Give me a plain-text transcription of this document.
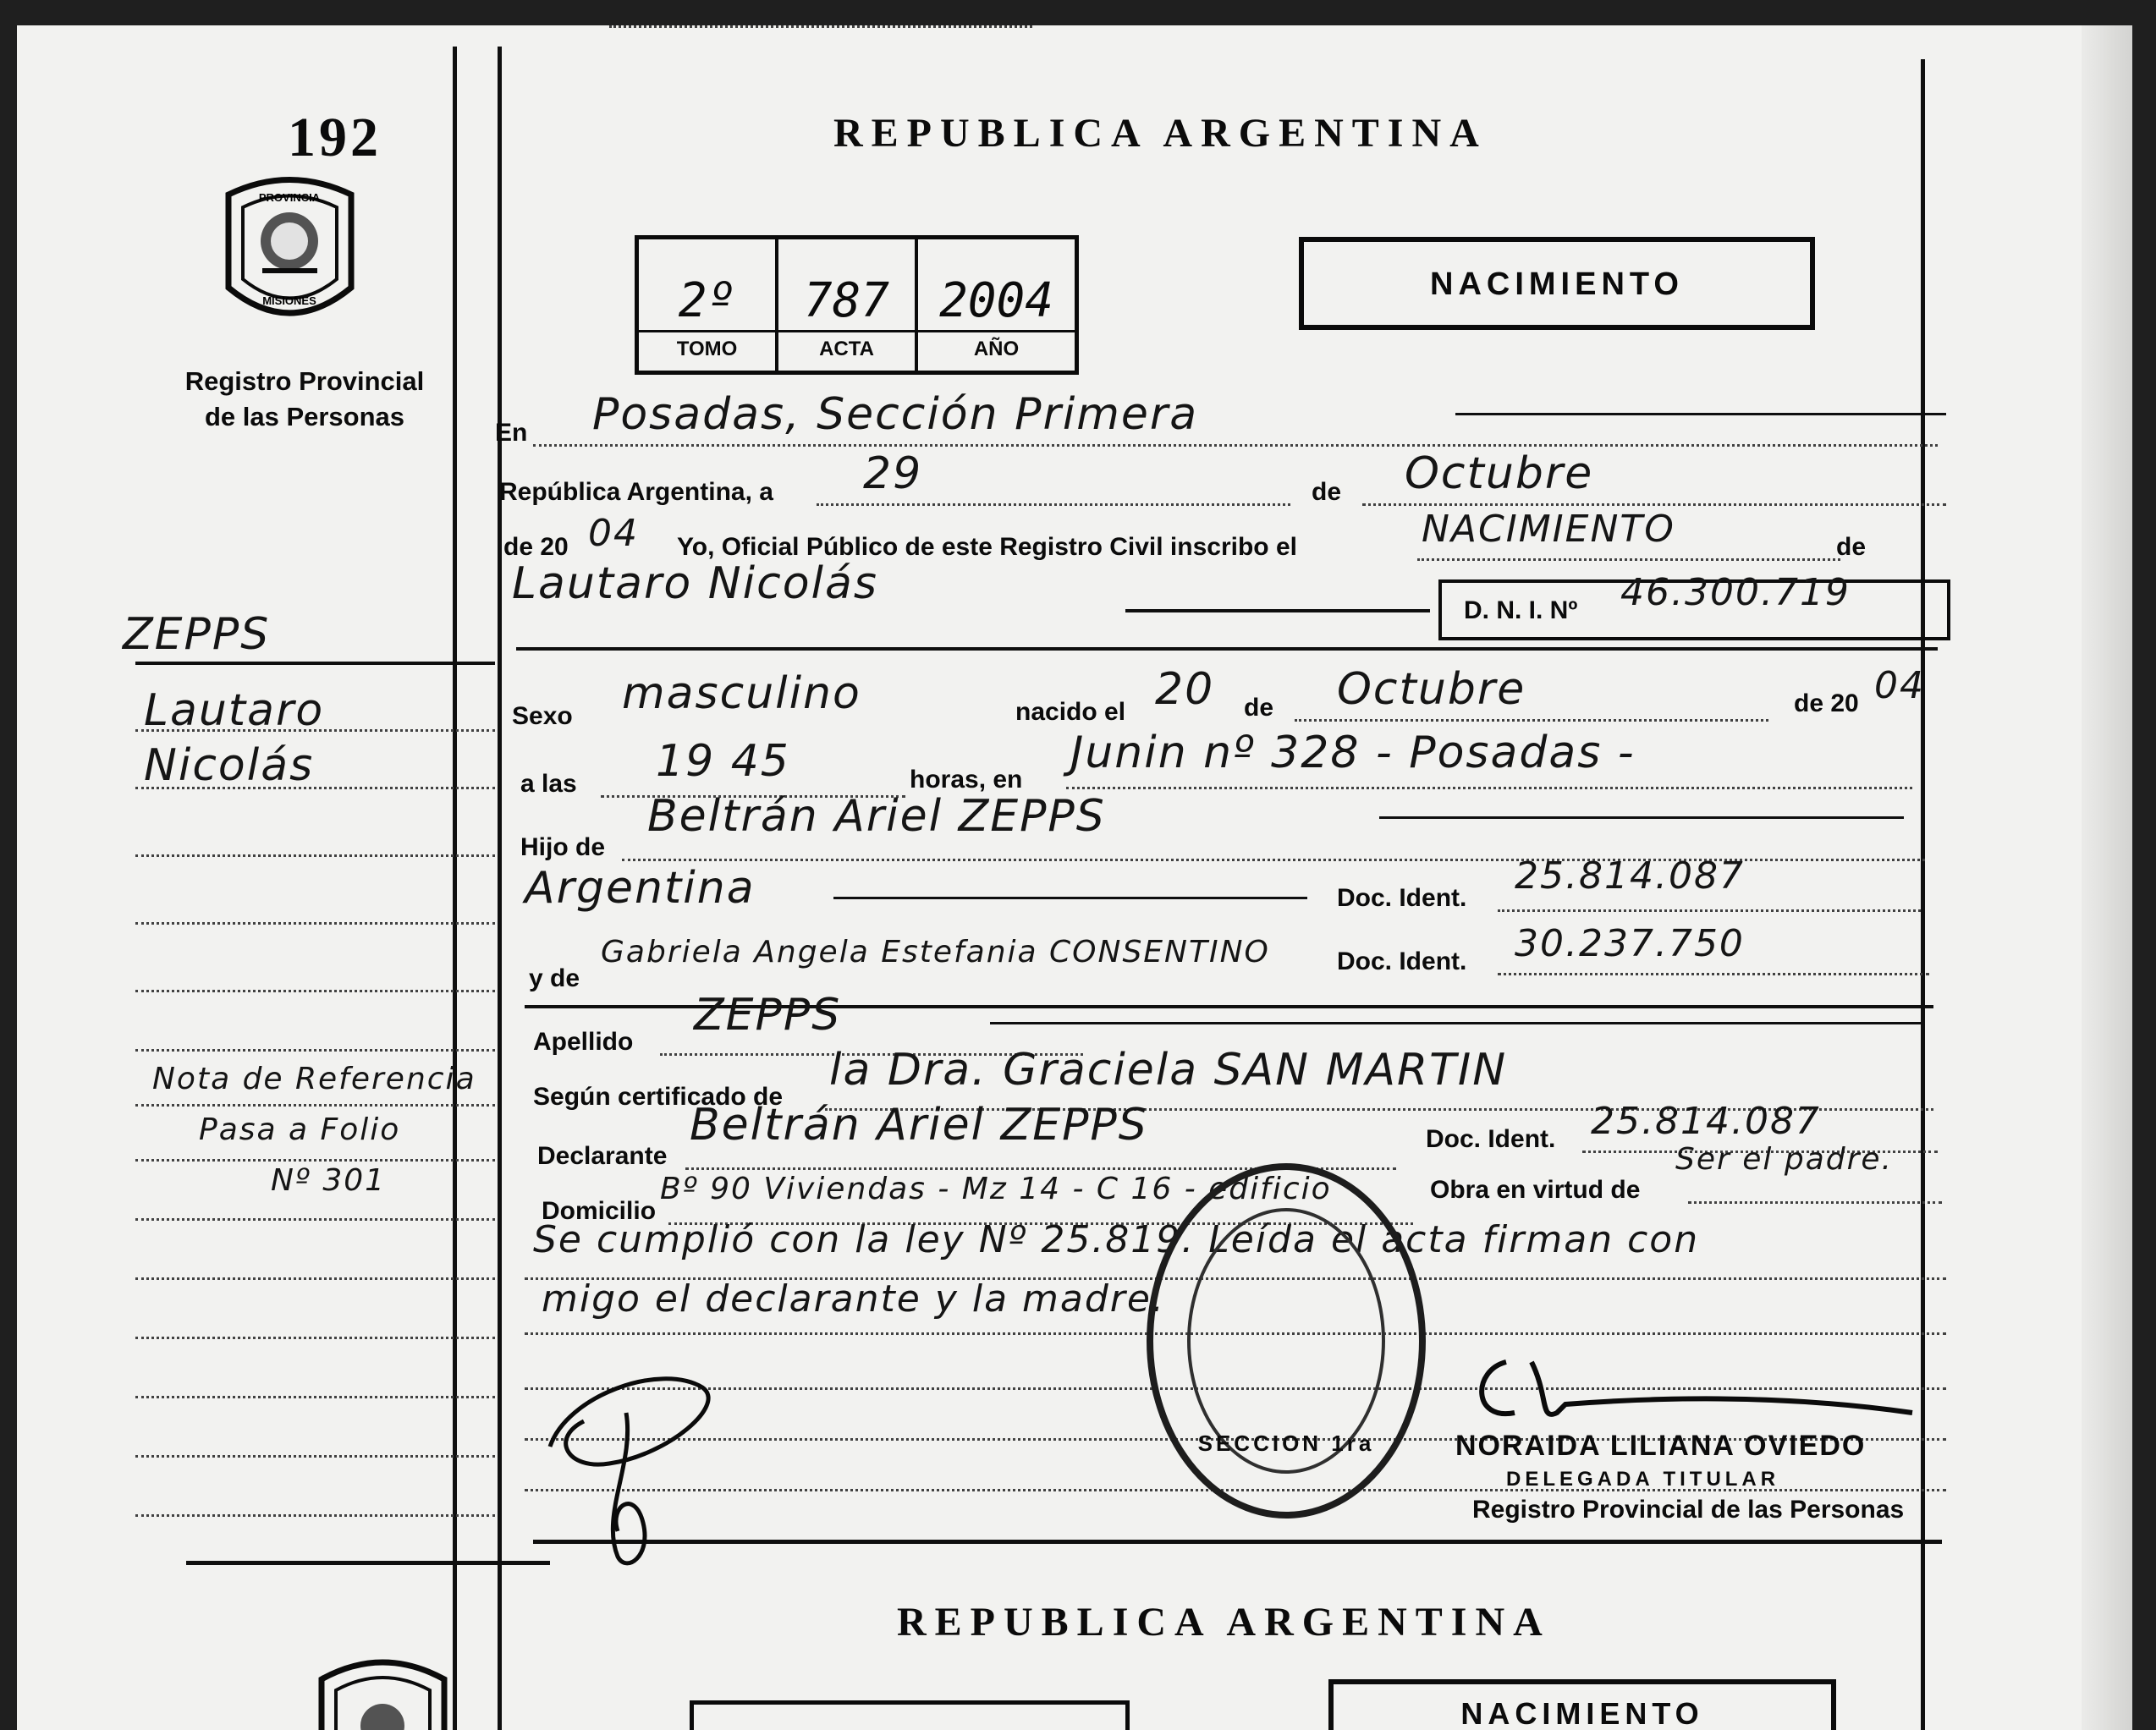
192
PROVINCIA
MISIONES
Registro Provincial
de las Personas
REPUBLICA ARGENTINA
2º
TOMO
787
ACTA
2004
AÑO
NACIMIENTO
En Posadas, Sección Primera
República Argentina, a 29	de Octubre
de 20 04 Yo, Oficial Público de este Registro Civil inscribo el	NACIMIENTO	de
Lautaro Nicolás
D. N. I. Nº 46.300.719
Sexo masculino	nacido el 20 de Octubre	de 20 04
a las 19 45	horas, en
Junin nº 328 - Posadas -
Hijo de
Beltrán Ariel ZEPPS
Argentina	Doc. Ident.
25.814.087
y de
Gabriela Angela Estefania CONSENTINO	Doc. Ident. 30.237.750
Apellido
ZEPPS
Según certificado de
la Dra. Graciela SAN MARTIN
Declarante
Beltrán Ariel ZEPPS	Doc. Ident. 25.814.087
Domicilio
Bº 90 Viviendas - Mz 14 - C 16 - edificio	Obra en virtud de
Ser el padre.
Se cumplió con la ley Nº 25.819. Leída el acta firman con
migo el declarante y la madre.
SECCION 1ra	NORAIDA LILIANA OVIEDO
DELEGADA TITULAR
Registro Provincial de las Personas
ZEPPS
Lautaro
Nicolás
Nota de Referencia
Pasa a Folio
Nº 301
REPUBLICA ARGENTINA
NACIMIENTO
